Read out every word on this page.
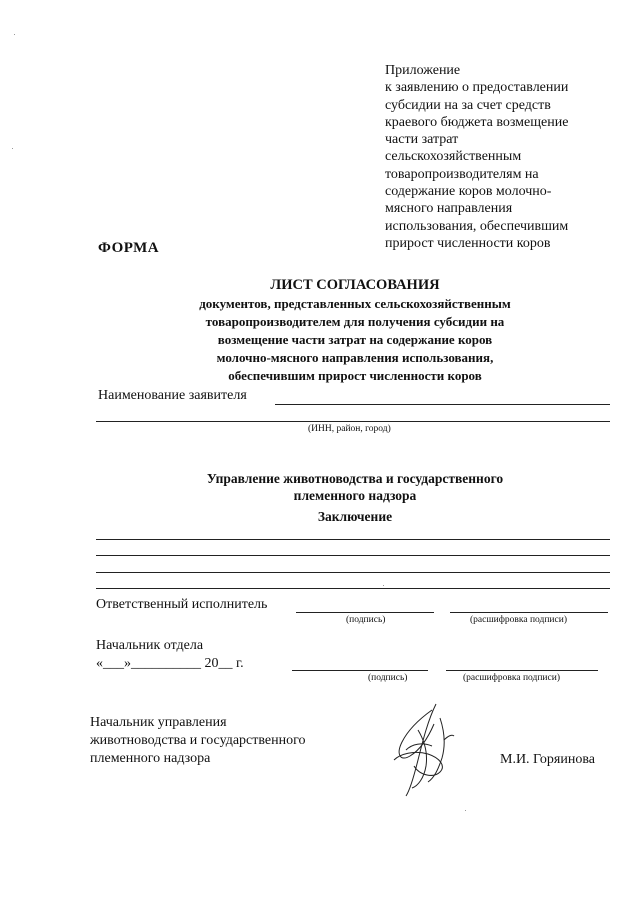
Приложение
к заявлению о предоставлении
субсидии на за счет средств
краевого бюджета возмещение
части затрат
сельскохозяйственным
товаропроизводителям на
содержание коров молочно-
мясного направления
использования, обеспечившим
прирост численности коров
ФОРМА
ЛИСТ СОГЛАСОВАНИЯ
документов, представленных сельскохозяйственным
товаропроизводителем для получения субсидии на
возмещение части затрат на содержание коров
молочно-мясного направления использования,
обеспечившим прирост численности коров
Наименование заявителя
(ИНН, район, город)
Управление животноводства и государственного
племенного надзора
Заключение
Ответственный исполнитель
(подпись)	(расшифровка подписи)
Начальник отдела
«___»__________ 20__ г.
(подпись)	(расшифровка подписи)
Начальник управления
животноводства и государственного
племенного надзора	М.И. Горяинова
